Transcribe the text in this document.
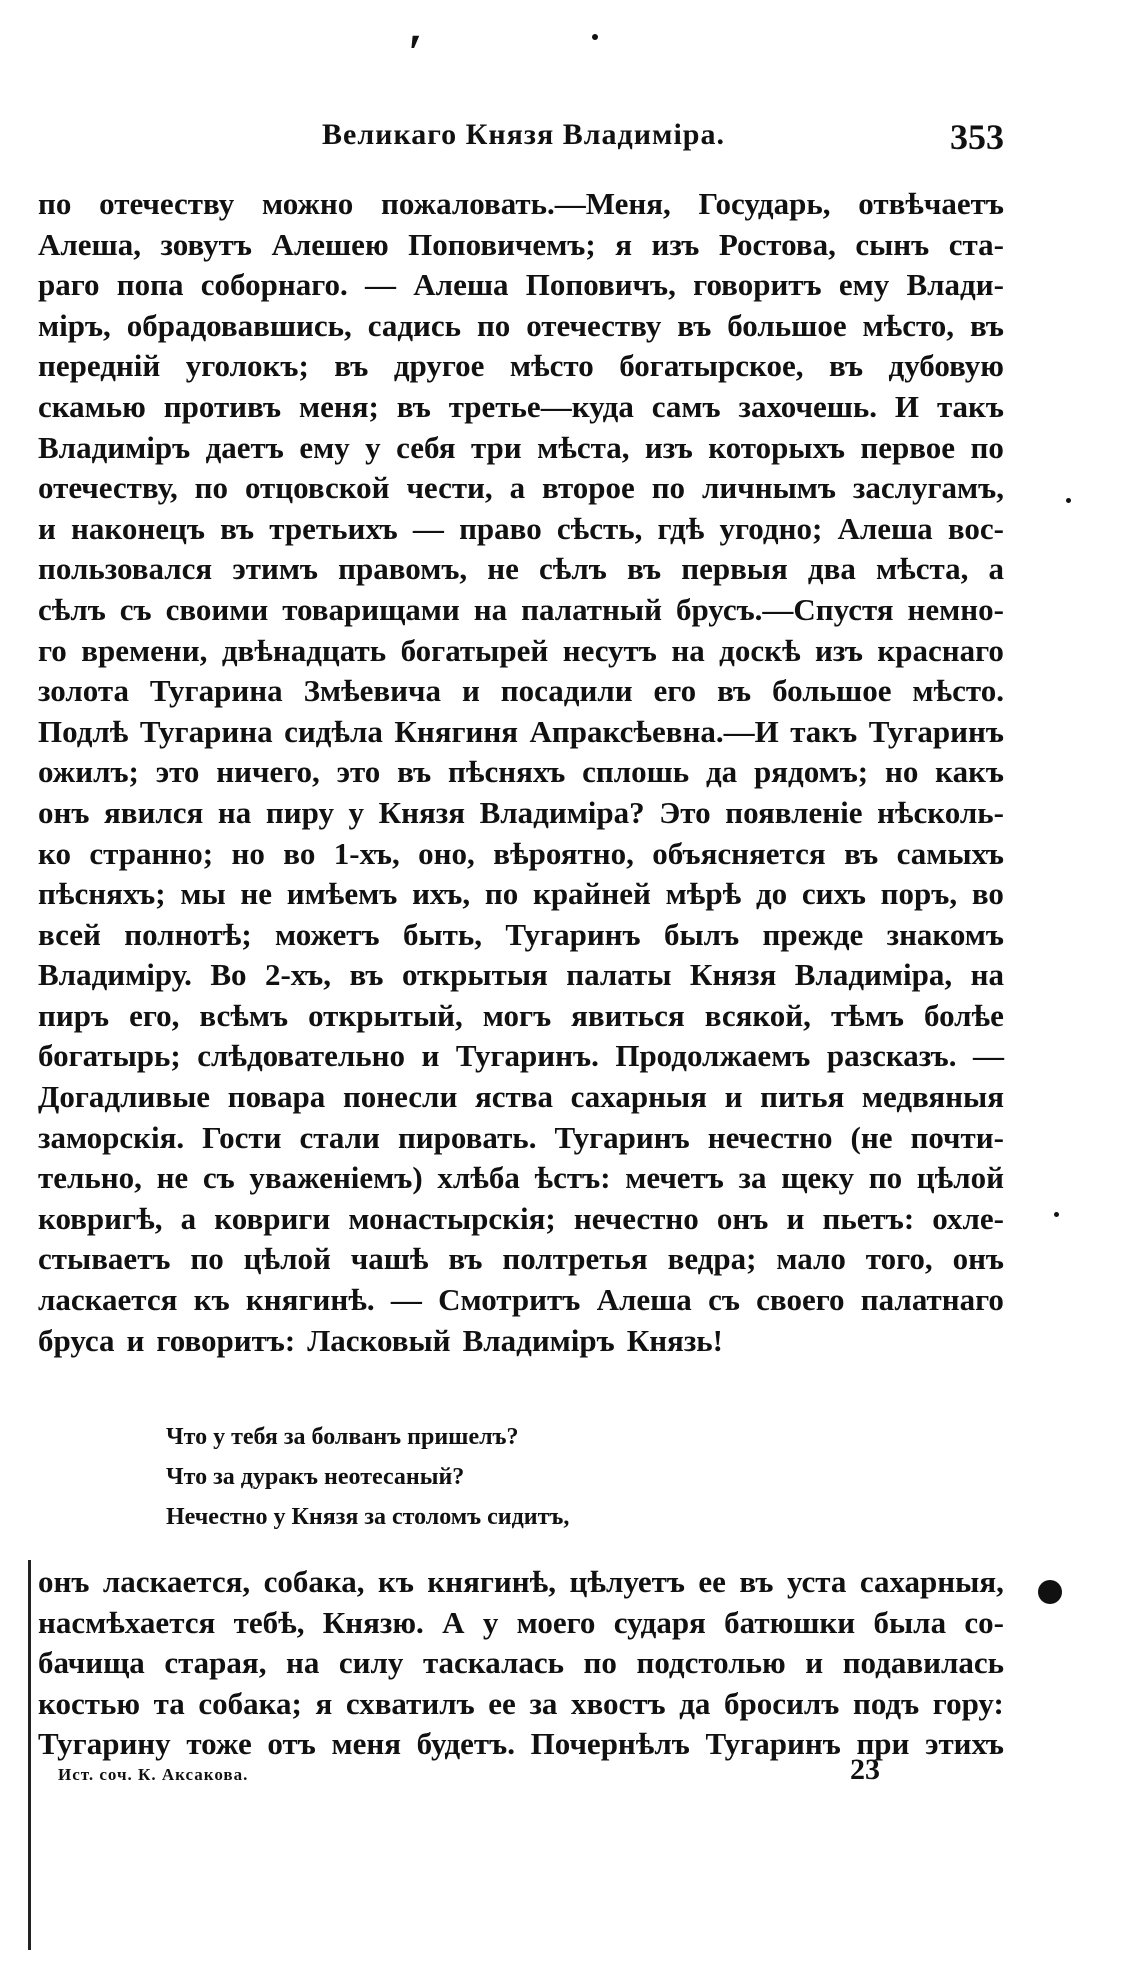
ʹ
Великаго Князя Владиміра.	353
по отечеству можно пожаловать.—Меня, Государь, отвѣчаетъ
Алеша, зовутъ Алешею Поповичемъ; я изъ Ростова, сынъ ста-
раго попа соборнаго. — Алеша Поповичъ, говоритъ ему Влади-
міръ, обрадовавшись, садись по отечеству въ большое мѣсто, въ
передній уголокъ; въ другое мѣсто богатырское, въ дубовую
скамью противъ меня; въ третье—куда самъ захочешь. И такъ
Владиміръ даетъ ему у себя три мѣста, изъ которыхъ первое по
отечеству, по отцовской чести, а второе по личнымъ заслугамъ,
и наконецъ въ третьихъ — право сѣсть, гдѣ угодно; Алеша вос-
пользовался этимъ правомъ, не сѣлъ въ первыя два мѣста, а
сѣлъ съ своими товарищами на палатный брусъ.—Спустя немно-
го времени, двѣнадцать богатырей несутъ на доскѣ изъ краснаго
золота Тугарина Змѣевича и посадили его въ большое мѣсто.
Подлѣ Тугарина сидѣла Княгиня Апраксѣевна.—И такъ Тугаринъ
ожилъ; это ничего, это въ пѣсняхъ сплошь да рядомъ; но какъ
онъ явился на пиру у Князя Владиміра? Это появленіе нѣсколь-
ко странно; но во 1-хъ, оно, вѣроятно, объясняется въ самыхъ
пѣсняхъ; мы не имѣемъ ихъ, по крайней мѣрѣ до сихъ поръ, во
всей полнотѣ; можетъ быть, Тугаринъ былъ прежде знакомъ
Владиміру. Во 2-хъ, въ открытыя палаты Князя Владиміра, на
пиръ его, всѣмъ открытый, могъ явиться всякой, тѣмъ болѣе
богатырь; слѣдовательно и Тугаринъ. Продолжаемъ разсказъ. —
Догадливые повара понесли яства сахарныя и питья медвяныя
заморскія. Гости стали пировать. Тугаринъ нечестно (не почти-
тельно, не съ уваженіемъ) хлѣба ѣстъ: мечетъ за щеку по цѣлой
ковригѣ, а ковриги монастырскія; нечестно онъ и пьетъ: охле-
стываетъ по цѣлой чашѣ въ полтретья ведра; мало того, онъ
ласкается къ княгинѣ. — Смотритъ Алеша съ своего палатнаго
бруса и говоритъ: Ласковый Владиміръ Князь!
Что у тебя за болванъ пришелъ?
Что за дуракъ неотесаный?
Нечестно у Князя за столомъ сидитъ,
онъ ласкается, собака, къ княгинѣ, цѣлуетъ ее въ уста сахарныя,
насмѣхается тебѣ, Князю. А у моего сударя батюшки была со-
бачища старая, на силу таскалась по подстолью и подавилась
костью та собака; я схватилъ ее за хвостъ да бросилъ подъ гору:
Тугарину тоже отъ меня будетъ. Почернѣлъ Тугаринъ при этихъ
Ист. соч. К. Аксакова.	23
